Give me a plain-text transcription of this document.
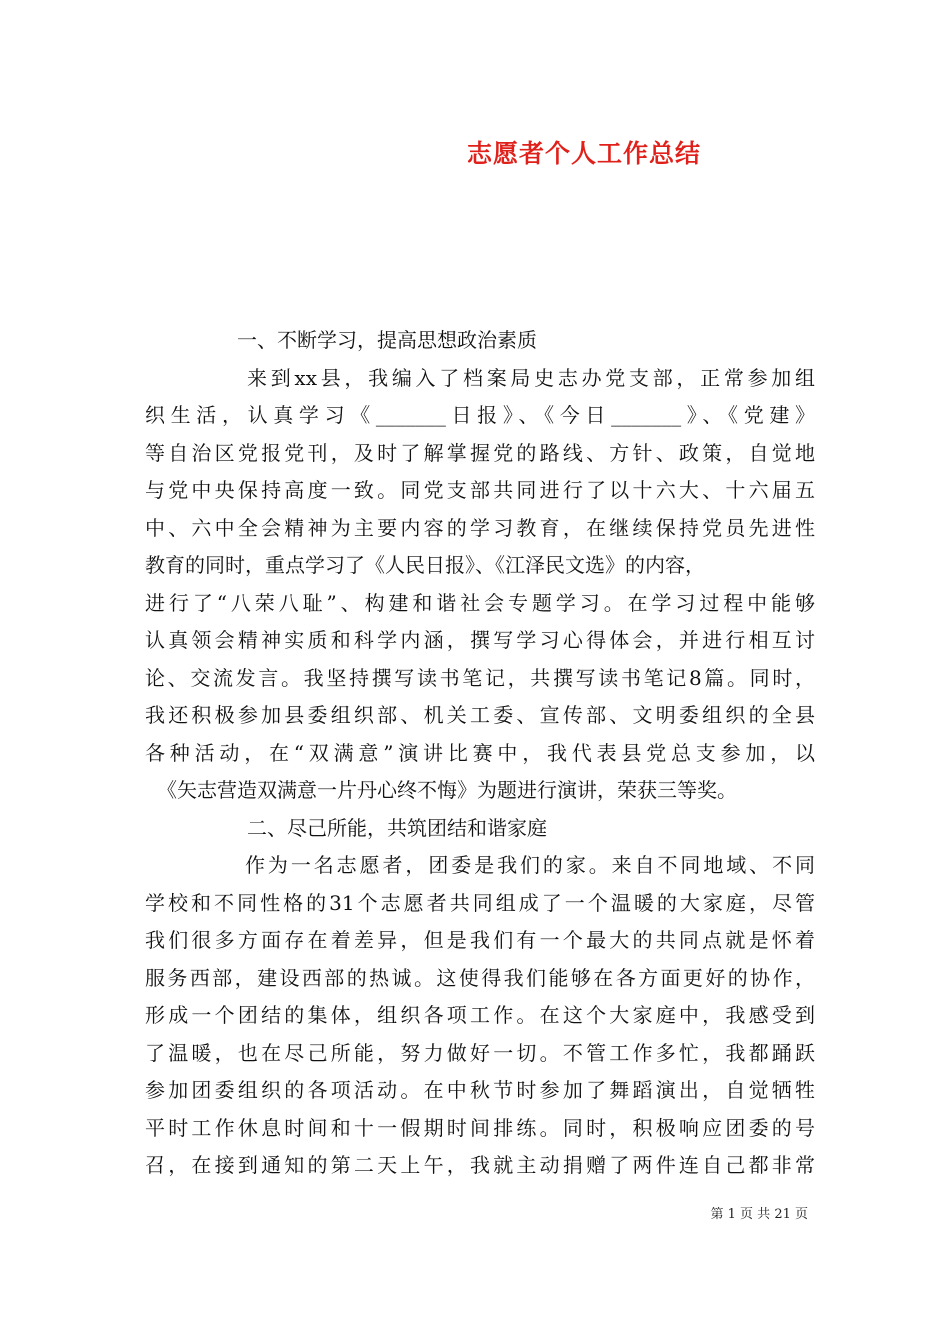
志愿者个人工作总结
一、不断学习，提高思想政治素质
来到xx县，我编入了档案局史志办党支部，正常参加组
织生活，认真学习《_______日报》、《今日_______》、《党建》
等自治区党报党刊，及时了解掌握党的路线、方针、政策，自觉地
与党中央保持高度一致。同党支部共同进行了以十六大、十六届五
中、六中全会精神为主要内容的学习教育，在继续保持党员先进性
教育的同时，重点学习了《人民日报》、《江泽民文选》的内容，
进行了“八荣八耻”、构建和谐社会专题学习。在学习过程中能够
认真领会精神实质和科学内涵，撰写学习心得体会，并进行相互讨
论、交流发言。我坚持撰写读书笔记，共撰写读书笔记8篇。同时，
我还积极参加县委组织部、机关工委、宣传部、文明委组织的全县
各种活动，在“双满意”演讲比赛中，我代表县党总支参加，以
《矢志营造双满意一片丹心终不悔》为题进行演讲，荣获三等奖。
二、尽己所能，共筑团结和谐家庭
作为一名志愿者，团委是我们的家。来自不同地域、不同
学校和不同性格的31个志愿者共同组成了一个温暖的大家庭，尽管
我们很多方面存在着差异，但是我们有一个最大的共同点就是怀着
服务西部，建设西部的热诚。这使得我们能够在各方面更好的协作，
形成一个团结的集体，组织各项工作。在这个大家庭中，我感受到
了温暖，也在尽己所能，努力做好一切。不管工作多忙，我都踊跃
参加团委组织的各项活动。在中秋节时参加了舞蹈演出，自觉牺牲
平时工作休息时间和十一假期时间排练。同时，积极响应团委的号
召，在接到通知的第二天上午，我就主动捐赠了两件连自己都非常
第 1 页 共 21 页
